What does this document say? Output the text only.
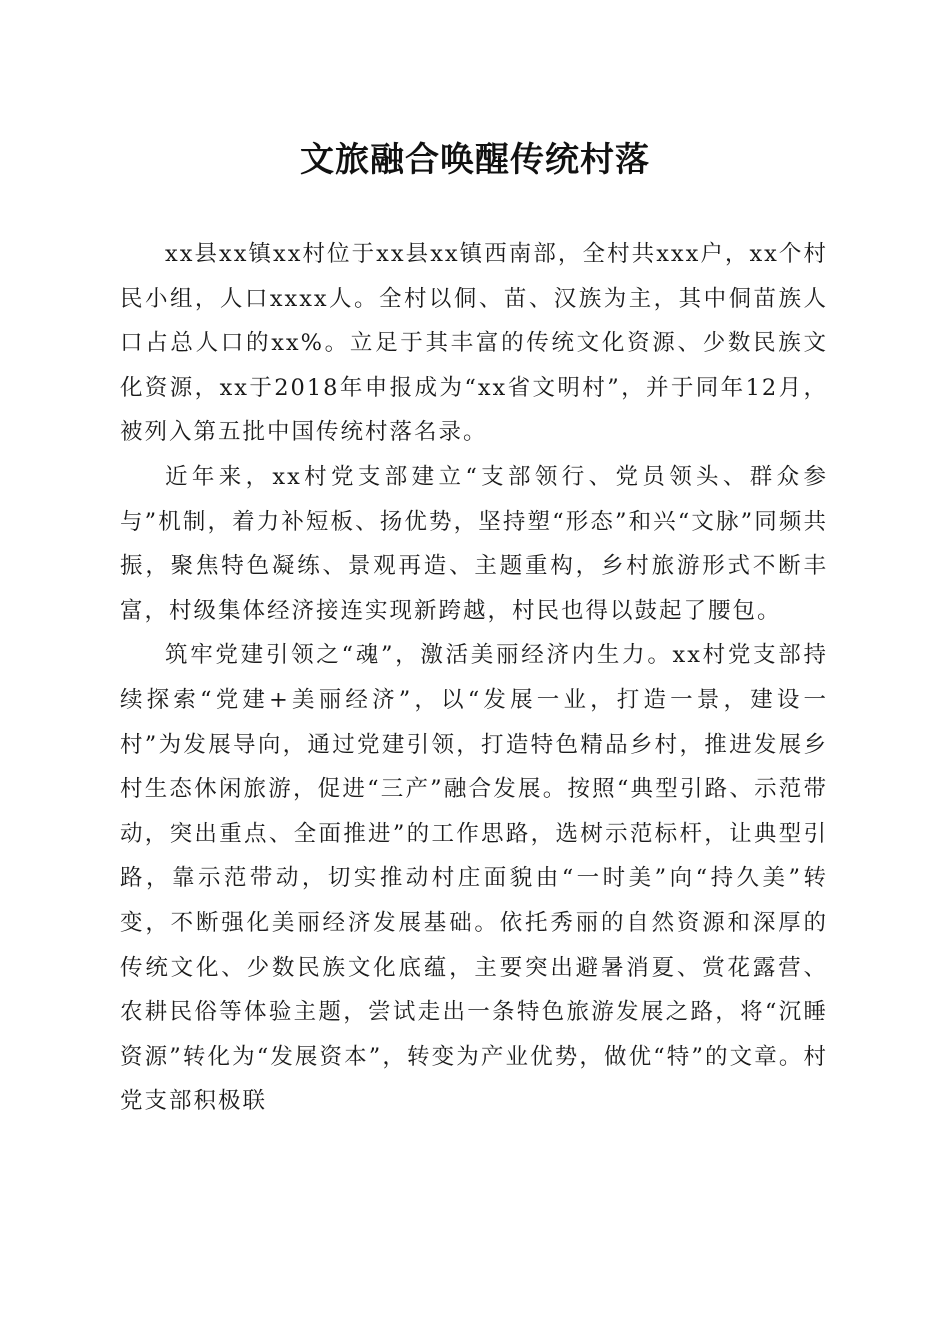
文旅融合唤醒传统村落

xx县xx镇xx村位于xx县xx镇西南部，全村共xxx户，xx个村民小组，人口xxxx人。全村以侗、苗、汉族为主，其中侗苗族人口占总人口的xx%。立足于其丰富的传统文化资源、少数民族文化资源，xx于2018年申报成为“xx省文明村”，并于同年12月，被列入第五批中国传统村落名录。

近年来，xx村党支部建立“支部领行、党员领头、群众参与”机制，着力补短板、扬优势，坚持塑“形态”和兴“文脉”同频共振，聚焦特色凝练、景观再造、主题重构，乡村旅游形式不断丰富，村级集体经济接连实现新跨越，村民也得以鼓起了腰包。

筑牢党建引领之“魂”，激活美丽经济内生力。xx村党支部持续探索“党建+美丽经济”，以“发展一业，打造一景，建设一村”为发展导向，通过党建引领，打造特色精品乡村，推进发展乡村生态休闲旅游，促进“三产”融合发展。按照“典型引路、示范带动，突出重点、全面推进”的工作思路，选树示范标杆，让典型引路，靠示范带动，切实推动村庄面貌由“一时美”向“持久美”转变，不断强化美丽经济发展基础。依托秀丽的自然资源和深厚的传统文化、少数民族文化底蕴，主要突出避暑消夏、赏花露营、农耕民俗等体验主题，尝试走出一条特色旅游发展之路，将“沉睡资源”转化为“发展资本”，转变为产业优势，做优“特”的文章。村党支部积极联
